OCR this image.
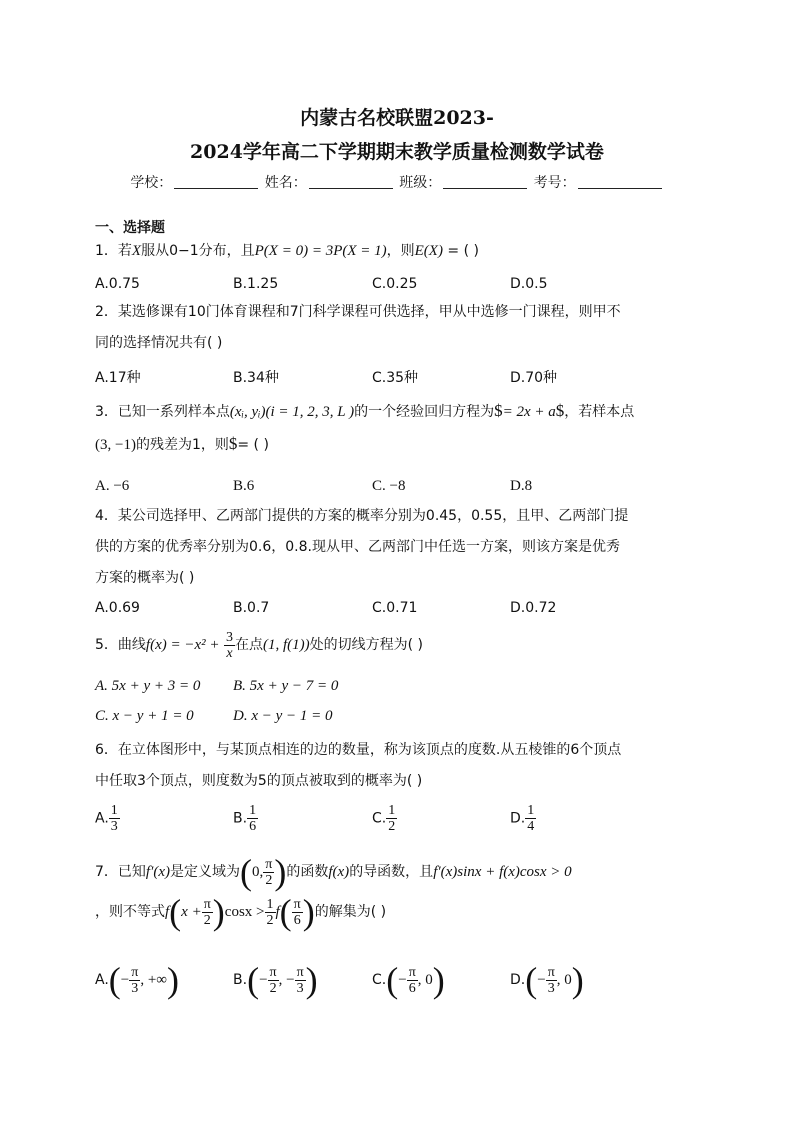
内蒙古名校联盟2023-
2024学年高二下学期期末教学质量检测数学试卷
学校：	姓名：	班级：	考号：
一、选择题
1．若X服从0−1分布，且P(X = 0) = 3P(X = 1)，则E(X) = ( )
A.0.75	B.1.25	C.0.25	D.0.5
2．某选修课有10门体育课程和7门科学课程可供选择，甲从中选修一门课程，则甲不
同的选择情况共有( )
A.17种	B.34种	C.35种	D.70种
3．已知一系列样本点(xᵢ, yᵢ)(i = 1, 2, 3, L )的一个经验回归方程为$= 2x + a$，若样本点
(3, −1)的残差为1，则$= ( )
A. −6	B.6	C. −8	D.8
4．某公司选择甲、乙两部门提供的方案的概率分别为0.45，0.55，且甲、乙两部门提
供的方案的优秀率分别为0.6，0.8.现从甲、乙两部门中任选一方案，则该方案是优秀
方案的概率为( )
A.0.69	B.0.7	C.0.71	D.0.72
5．曲线$f(x) = -x^2 + \frac{3}{x}$ 在点(1, f(1))处的切线方程为( )
A. 5x + y + 3 = 0 B. 5x + y − 7 = 0
C. x − y + 1 = 0	D. x − y − 1 = 0
6．在立体图形中，与某顶点相连的边的数量，称为该顶点的度数.从五棱锥的6个顶点
中任取3个顶点，则度数为5的顶点被取到的概率为( )
A. $\frac{1}{3}$	B. $\frac{1}{6}$	C. $\frac{1}{2}$	D. $\frac{1}{4}$
7．已知f′(x)是定义域为(0, $\frac{\pi}{2}$ )的函数f(x)的导函数，且f′(x)sinx + f(x)cosx > 0
，则不等式$f(x + \frac{\pi}{2} )\cos x > \frac{1}{2} f( \frac{\pi}{6}$ )的解集为( )
$A.(- \frac{\pi}{3}$ , +∞)	$B.(- \frac{\pi}{2}$ , − $\frac{\pi}{3}$ )	$C.(- \frac{\pi}{6}$ , 0)	$D.(- \frac{\pi}{3}$ , 0)
